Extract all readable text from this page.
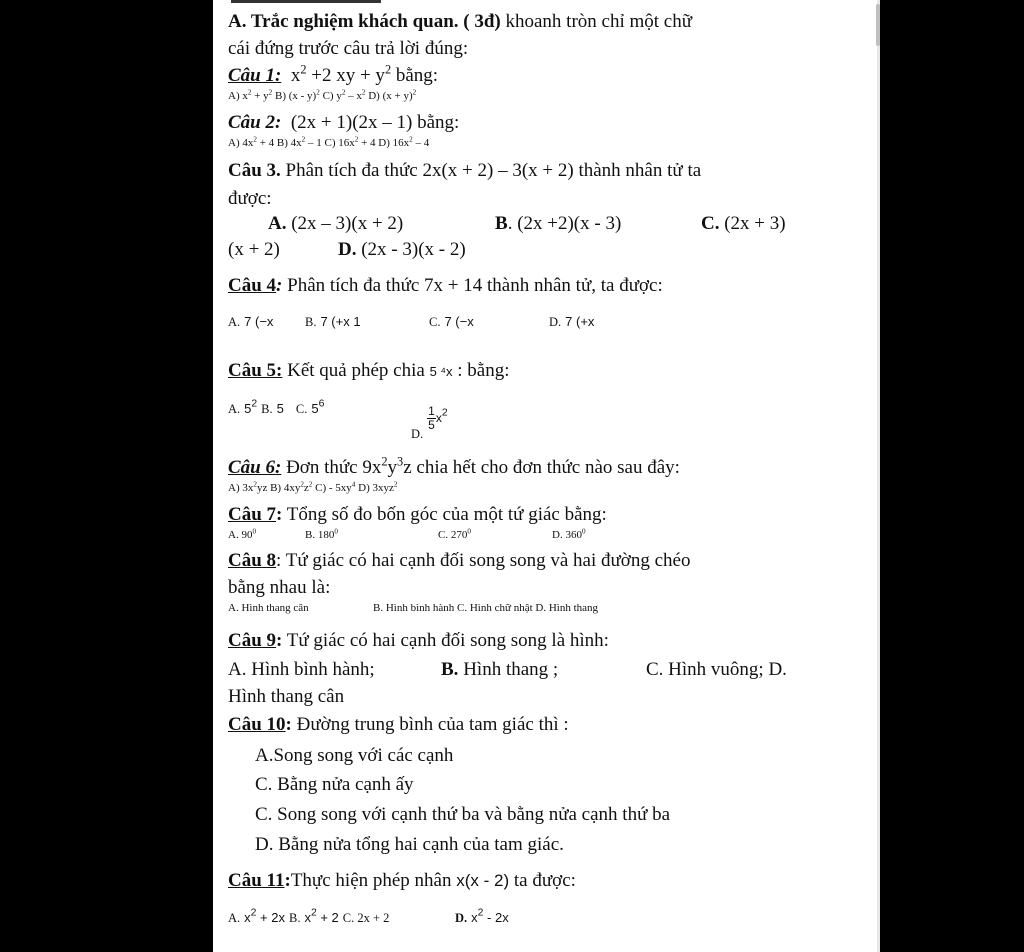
A. Trắc nghiệm khách quan. ( 3đ) khoanh tròn chỉ một chữ
cái đứng trước câu trả lời đúng:
Câu 1: $x^2 +2$ xy + $y^2$ bằng:
A) $x^2 + y^2$ B) (x - y)$^2$ C) $y^2 - x^2$ D) $(x + y)^2$
Câu 2: (2x + 1)(2x – 1) bằng:
A) $4x^2 + 4$ B) $4x^2 - 1$ C) $16x^2 + 4$ D) $16x^2 - 4$
Câu 3. Phân tích đa thức 2x(x + 2) – 3(x + 2) thành nhân tử ta
được:
A. (2x – 3)(x + 2)	B. (2x +2)(x - 3)	C. (2x + 3)
(x + 2)	D. (2x - 3)(x - 2)
Câu 4: Phân tích đa thức 7x + 14 thành nhân tử, ta được:
A. 7 (−x	B. 7 (+x 1	C. 7 (−x	D. 7 (+x
Câu 5: Kết quả phép chia 5 ⁴x : bằng:
A. $5^2$ B. 5 C. $5^6$
$_{D.}$
$\frac{1}{5} x^2$
Câu 6: Đơn thức $9x^2y^3z$ chia hết cho đơn thức nào sau đây:
A) $3x^2yz$ B) $4xy^2z^2$ $C) - 5xy^4$ D) 3xyz$^2$
Câu 7: Tổng số đo bốn góc của một tứ giác bằng:
A. $90^0$	B. $180^0$	C. $270^0$	D. $360^0$
Câu 8: Tứ giác có hai cạnh đối song song và hai đường chéo
bằng nhau là:
A. Hình thang cân	B. Hình bình hành C. Hình chữ nhật D. Hình thang
Câu 9: Tứ giác có hai cạnh đối song song là hình:
A. Hình bình hành;	B. Hình thang ;	C. Hình vuông; D.
Hình thang cân
Câu 10: Đường trung bình của tam giác thì :
A.Song song với các cạnh
C. Bằng nửa cạnh ấy
C. Song song với cạnh thứ ba và bằng nửa cạnh thứ ba
D. Bằng nửa tổng hai cạnh của tam giác.
Câu 11:Thực hiện phép nhân x(x - 2) ta được:
A. $x^2 + 2x$ B. $x^2 + 2$ C. 2x + 2	D. $x^2 - 2x$
